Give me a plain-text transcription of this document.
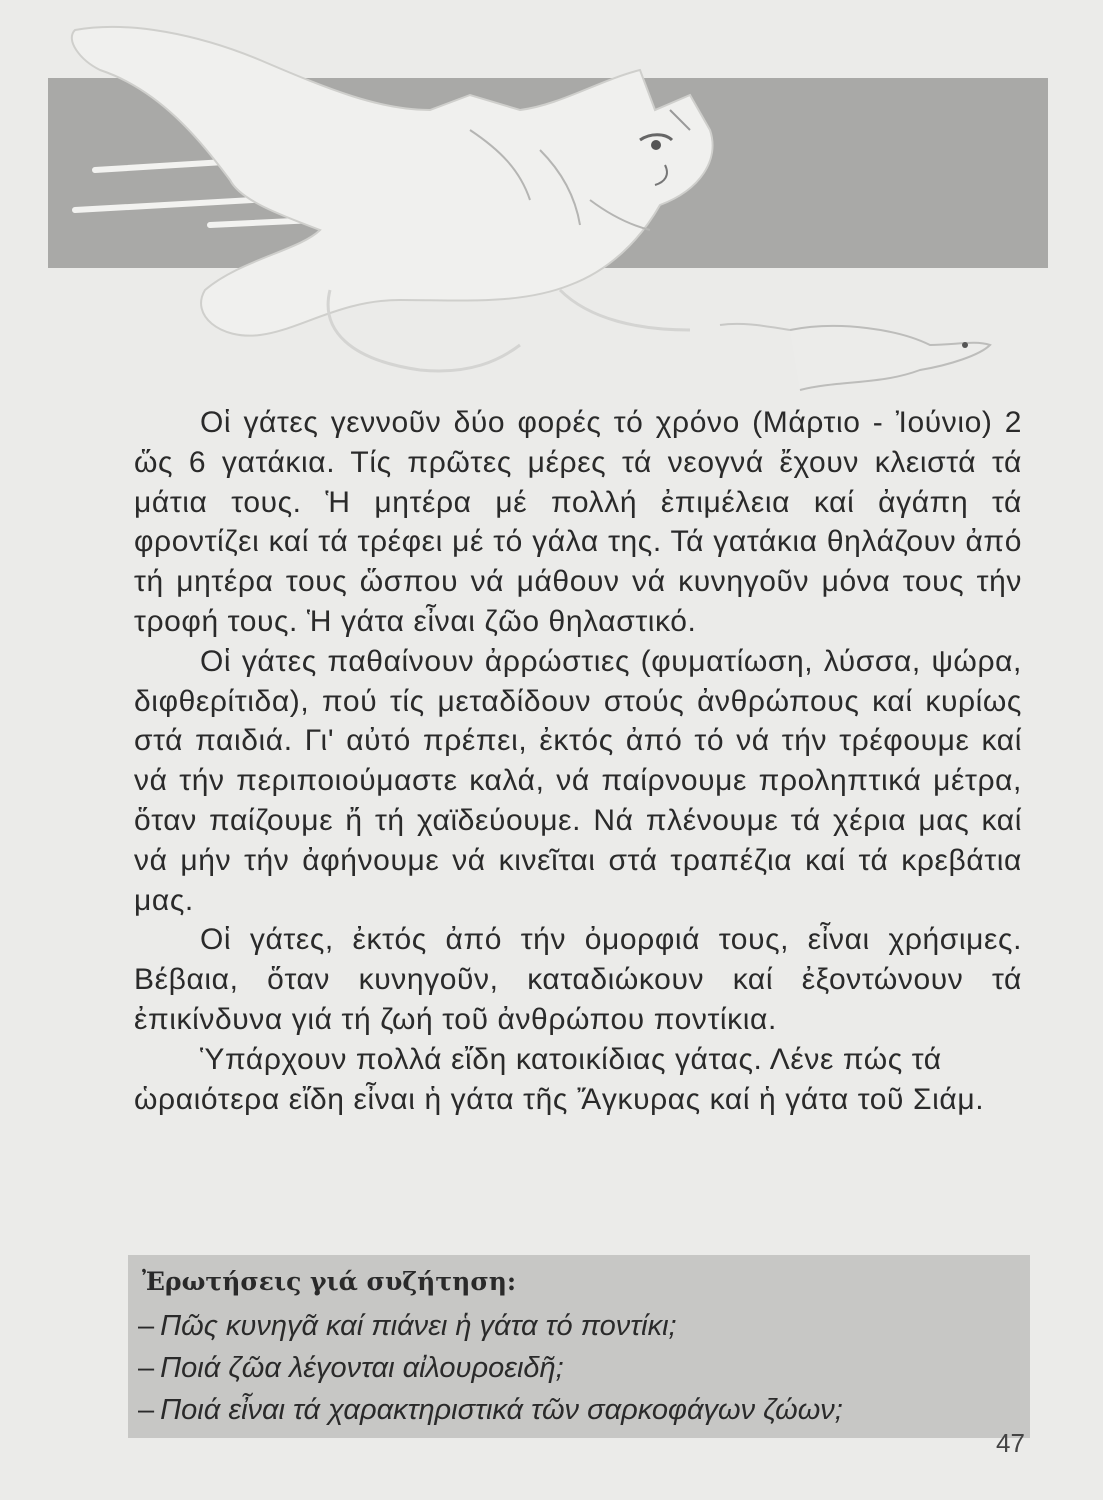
Οἱ γάτες γεννοῦν δύο φορές τό χρόνο (Μάρτιο - Ἰούνιο) 2 ὥς 6 γατάκια. Τίς πρῶτες μέρες τά νεογνά ἔχουν κλειστά τά μάτια τους. Ἡ μητέρα μέ πολλή ἐπιμέλεια καί ἀγάπη τά φροντίζει καί τά τρέφει μέ τό γάλα της. Τά γατάκια θηλάζουν ἀπό τή μητέρα τους ὥσπου νά μάθουν νά κυνηγοῦν μόνα τους τήν τροφή τους. Ἡ γάτα εἶναι ζῶο θηλαστικό.

Οἱ γάτες παθαίνουν ἀρρώστιες (φυματίωση, λύσσα, ψώρα, διφθερίτιδα), πού τίς μεταδίδουν στούς ἀνθρώπους καί κυρίως στά παιδιά. Γι' αὐτό πρέπει, ἐκτός ἀπό τό νά τήν τρέφουμε καί νά τήν περιποιούμαστε καλά, νά παίρνουμε προληπτικά μέτρα, ὅταν παίζουμε ἤ τή χαϊδεύουμε. Νά πλένουμε τά χέρια μας καί νά μήν τήν ἀφήνουμε νά κινεῖται στά τραπέζια καί τά κρεβάτια μας.

Οἱ γάτες, ἐκτός ἀπό τήν ὀμορφιά τους, εἶναι χρήσιμες. Βέβαια, ὅταν κυνηγοῦν, καταδιώκουν καί ἐξοντώνουν τά ἐπικίνδυνα γιά τή ζωή τοῦ ἀνθρώπου ποντίκια.

Ὑπάρχουν πολλά εἴδη κατοικίδιας γάτας. Λένε πώς τά ὡραιότερα εἴδη εἶναι ἡ γάτα τῆς Ἄγκυρας καί ἡ γάτα τοῦ Σιάμ.

Ἐρωτήσεις γιά συζήτηση:
– Πῶς κυνηγᾶ καί πιάνει ἡ γάτα τό ποντίκι;
– Ποιά ζῶα λέγονται αἰλουροειδῆ;
– Ποιά εἶναι τά χαρακτηριστικά τῶν σαρκοφάγων ζώων;
47
